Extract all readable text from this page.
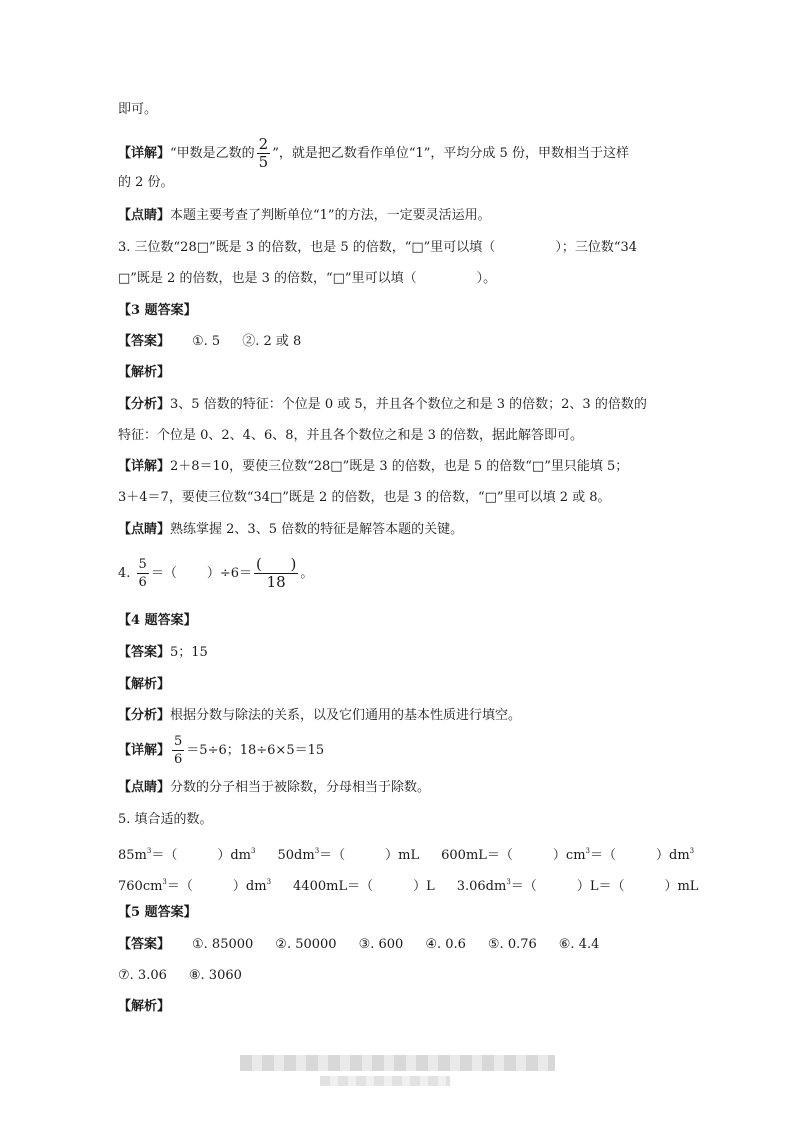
即可。
【详解】“甲数是乙数的 $\frac{2}{5}$ ”，就是把乙数看作单位“1”，平均分成 5 份，甲数相当于这样
的 2 份。
【点睛】本题主要考查了判断单位“1”的方法，一定要灵活运用。
3. 三位数“28□”既是 3 的倍数，也是 5 的倍数，“□”里可以填（	）；三位数“34
□”既是 2 的倍数，也是 3 的倍数，“□”里可以填（	）。
【3 题答案】
【答案】 ①. 5 ②. 2 或 8
【解析】
【分析】3、5 倍数的特征：个位是 0 或 5，并且各个数位之和是 3 的倍数；2、3 的倍数的
特征：个位是 0、2、4、6、8，并且各个数位之和是 3 的倍数，据此解答即可。
【详解】2＋8＝10，要使三位数“28□”既是 3 的倍数，也是 5 的倍数“□”里只能填 5；
3＋4＝7，要使三位数“34□”既是 2 的倍数，也是 3 的倍数，“□”里可以填 2 或 8。
【点睛】熟练掌握 2、3、5 倍数的特征是解答本题的关键。
4. $\frac{5}{6}$ ＝（ ）$\div 6= \frac{( )}{18}$ 。
【4 题答案】
【答案】5；15
【解析】
【分析】根据分数与除法的关系，以及它们通用的基本性质进行填空。
【详解】 $\frac{5}{6} =5\div 6$；18÷6×5＝15
【点睛】分数的分子相当于被除数，分母相当于除数。
5. 填合适的数。
$85m^3=$（	）$dm^3$ $50dm^3=$（	）mL 600mL＝（	）$cm^3=$（	）$dm^3$
$760cm^3=$（	）$dm^3$ 4400mL＝（	）L $3.06dm^3=$（	）L＝（	）mL
【5 题答案】
【答案】 ①. 85000 ②. 50000 ③. 600 ④. 0.6 ⑤. 0.76 ⑥. 4.4
⑦. 3.06 ⑧. 3060
【解析】
